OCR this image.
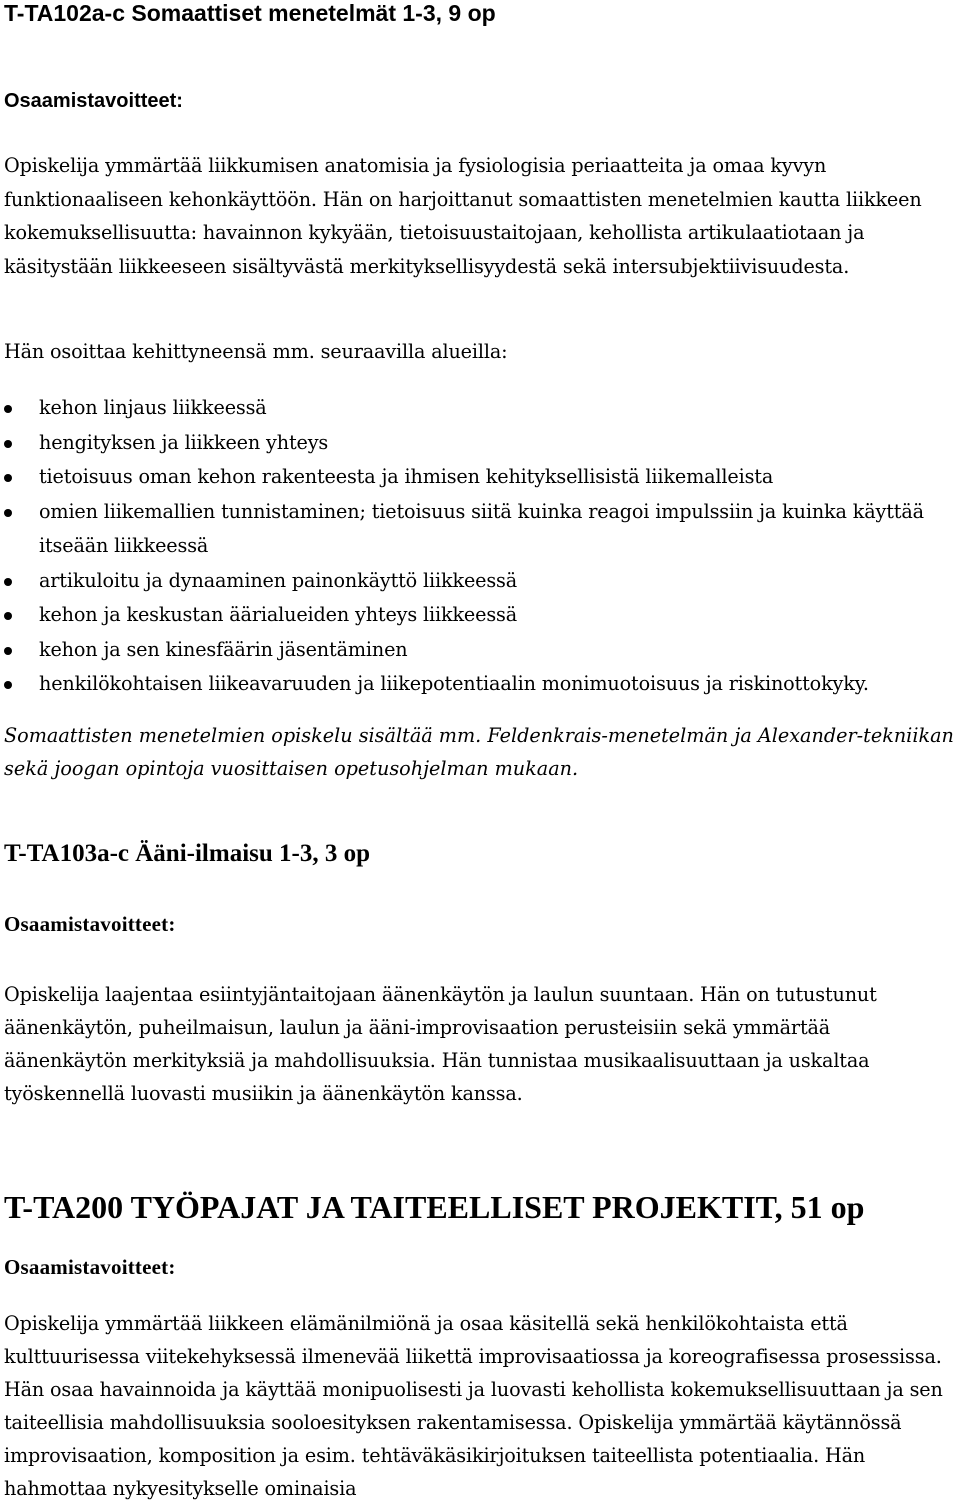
T-TA102a-c Somaattiset menetelmät 1-3, 9 op
Osaamistavoitteet:

Opiskelija ymmärtää liikkumisen anatomisia ja fysiologisia periaatteita ja omaa kyvyn funktionaaliseen kehonkäyttöön. Hän on harjoittanut somaattisten menetelmien kautta liikkeen kokemuksellisuutta: havainnon kykyään, tietoisuustaitojaan, kehollista artikulaatiotaan ja käsitystään liikkeeseen sisältyvästä merkityksellisyydestä sekä intersubjektiivisuudesta.

Hän osoittaa kehittyneensä mm. seuraavilla alueilla:

kehon linjaus liikkeessä
hengityksen ja liikkeen yhteys
tietoisuus oman kehon rakenteesta ja ihmisen kehityksellisistä liikemalleista
omien liikemallien tunnistaminen; tietoisuus siitä kuinka reagoi impulssiin ja kuinka käyttää itseään liikkeessä
artikuloitu ja dynaaminen painonkäyttö liikkeessä
kehon ja keskustan äärialueiden yhteys liikkeessä
kehon ja sen kinesfäärin jäsentäminen
henkilökohtaisen liikeavaruuden ja liikepotentiaalin monimuotoisuus ja riskinottokyky.

Somaattisten menetelmien opiskelu sisältää mm. Feldenkrais-menetelmän ja Alexander-tekniikan sekä joogan opintoja vuosittaisen opetusohjelman mukaan.

T-TA103a-c Ääni-ilmaisu 1-3, 3 op
Osaamistavoitteet:

Opiskelija laajentaa esiintyjäntaitojaan äänenkäytön ja laulun suuntaan. Hän on tutustunut äänenkäytön, puheilmaisun, laulun ja ääni-improvisaation perusteisiin sekä ymmärtää äänenkäytön merkityksiä ja mahdollisuuksia. Hän tunnistaa musikaalisuuttaan ja uskaltaa työskennellä luovasti musiikin ja äänenkäytön kanssa.

T-TA200 TYÖPAJAT JA TAITEELLISET PROJEKTIT, 51 op
Osaamistavoitteet:

Opiskelija ymmärtää liikkeen elämänilmiönä ja osaa käsitellä sekä henkilökohtaista että kulttuurisessa viitekehyksessä ilmenevää liikettä improvisaatiossa ja koreografisessa prosessissa. Hän osaa havainnoida ja käyttää monipuolisesti ja luovasti kehollista kokemuksellisuuttaan ja sen taiteellisia mahdollisuuksia sooloesityksen rakentamisessa. Opiskelija ymmärtää käytännössä improvisaation, komposition ja esim. tehtäväkäsikirjoituksen taiteellista potentiaalia. Hän hahmottaa nykyesitykselle ominaisia
